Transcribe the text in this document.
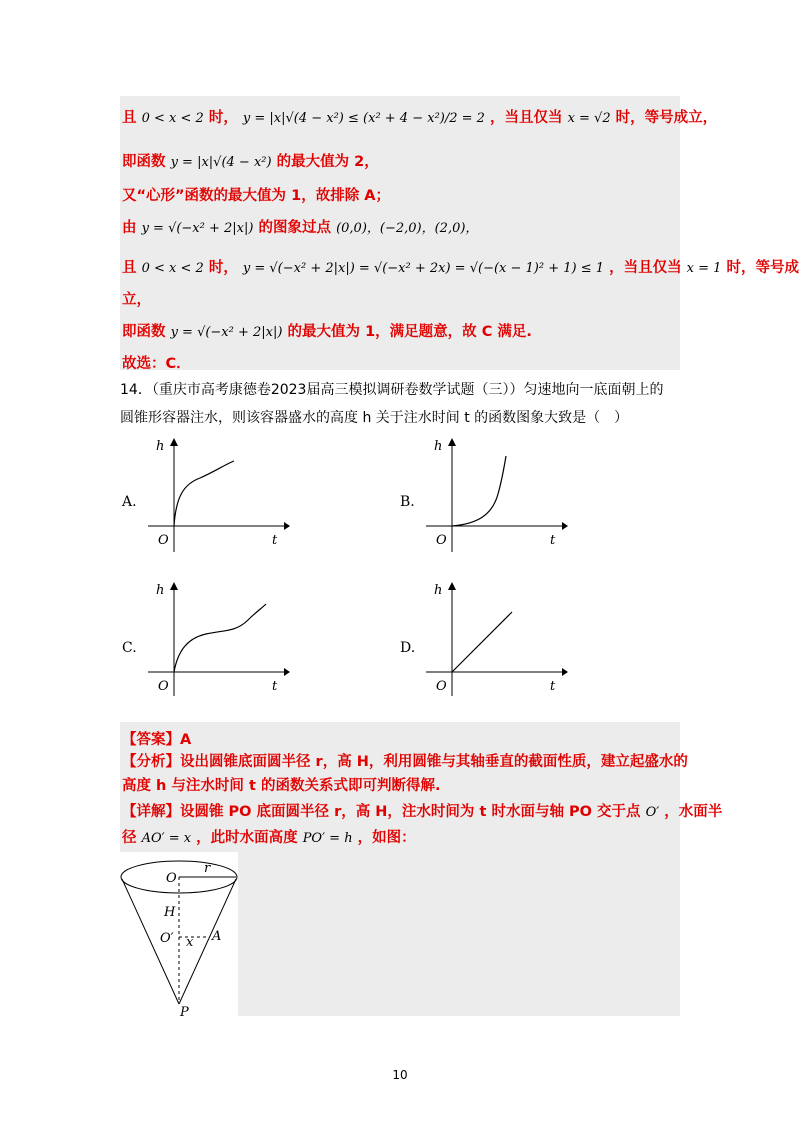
且 0 < x < 2 时， y = |x|√(4 − x²) ≤ (x² + 4 − x²)/2 = 2 ，当且仅当 x = √2 时，等号成立，
即函数 y = |x|√(4 − x²) 的最大值为 2，
又“心形”函数的最大值为 1，故排除 A；
由 y = √(−x² + 2|x|) 的图象过点 (0,0)，(−2,0)，(2,0)，
且 0 < x < 2 时， y = √(−x² + 2|x|) = √(−x² + 2x) = √(−(x − 1)² + 1) ≤ 1 ，当且仅当 x = 1 时，等号成
立，
即函数 y = √(−x² + 2|x|) 的最大值为 1，满足题意，故 C 满足.
故选：C．
14．（重庆市高考康德卷2023届高三模拟调研卷数学试题（三））匀速地向一底面朝上的
圆锥形容器注水，则该容器盛水的高度 h 关于注水时间 t 的函数图象大致是（　）
A.
h
t
O
B.
h
t
O
C.
h
t
O
D.
h
t
O
【答案】A
【分析】设出圆锥底面圆半径 r，高 H，利用圆锥与其轴垂直的截面性质，建立起盛水的
高度 h 与注水时间 t 的函数关系式即可判断得解.
【详解】设圆锥 PO 底面圆半径 r，高 H，注水时间为 t 时水面与轴 PO 交于点 O′ ，水面半
径 AO′ = x ，此时水面高度 PO′ = h ，如图：
O
r
H
O′ x A
P
10
